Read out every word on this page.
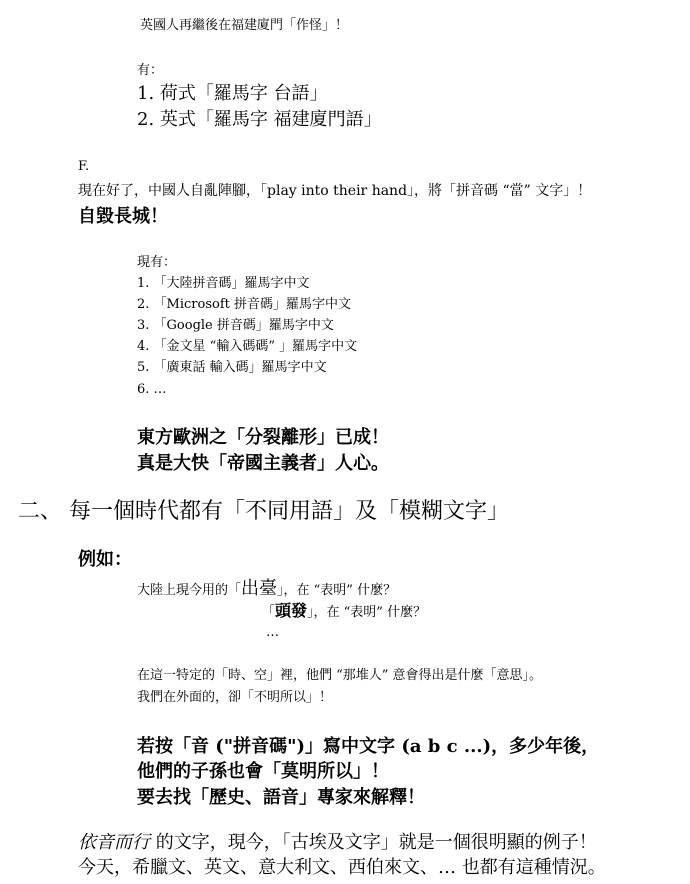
英國人再繼後在福建廈門「作怪」！
有：
1. 荷式「羅馬字 台語」
2. 英式「羅馬字 福建廈門語」
F.
現在好了，中國人自亂陣腳，「play into their hand」，將「拼音碼 “當” 文字」！
自毀長城！
現有：
1. 「大陸拼音碼」羅馬字中文
2. 「Microsoft 拼音碼」羅馬字中文
3. 「Google 拼音碼」羅馬字中文
4. 「金文星 “輸入碼碼” 」羅馬字中文
5. 「廣東話 輸入碼」羅馬字中文
6. …
東方歐洲之「分裂離形」已成！
真是大快「帝國主義者」人心。
二、 每一個時代都有「不同用語」及「模糊文字」
例如：
大陸上現今用的「出臺」，在 “表明” 什麼？
「頭發」，在 “表明” 什麼？
…
在這一特定的「時、空」裡，他們 “那堆人” 意會得出是什麼「意思」。
我們在外面的，卻「不明所以」！
若按「音 ("拼音碼")」寫中文字 (a b c ...)，多少年後，
他們的子孫也會「莫明所以」！
要去找「歷史、語音」專家來解釋！
依音而行 的文字，現今，「古埃及文字」就是一個很明顯的例子！
今天，希臘文、英文、意大利文、西伯來文、… 也都有這種情況。
